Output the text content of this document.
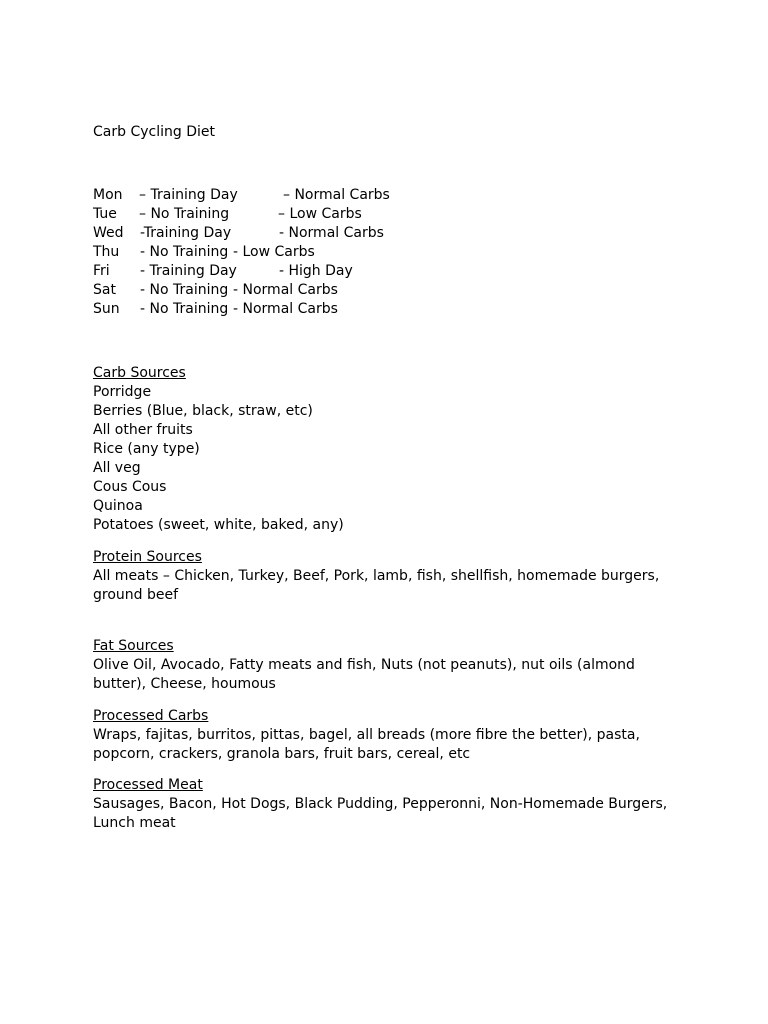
Carb Cycling Diet
Mon – Training Day	– Normal Carbs
Tue – No Training	– Low Carbs
Wed -Training Day	- Normal Carbs
Thu - No Training - Low Carbs
Fri - Training Day	- High Day
Sat - No Training - Normal Carbs
Sun - No Training - Normal Carbs
Carb Sources
Porridge
Berries (Blue, black, straw, etc)
All other fruits
Rice (any type)
All veg
Cous Cous
Quinoa
Potatoes (sweet, white, baked, any)
Protein Sources
All meats – Chicken, Turkey, Beef, Pork, lamb, fish, shellfish, homemade burgers, ground beef
Fat Sources
Olive Oil, Avocado, Fatty meats and fish, Nuts (not peanuts), nut oils (almond butter), Cheese, houmous
Processed Carbs
Wraps, fajitas, burritos, pittas, bagel, all breads (more fibre the better), pasta, popcorn, crackers, granola bars, fruit bars, cereal, etc
Processed Meat
Sausages, Bacon, Hot Dogs, Black Pudding, Pepperonni, Non-Homemade Burgers, Lunch meat
